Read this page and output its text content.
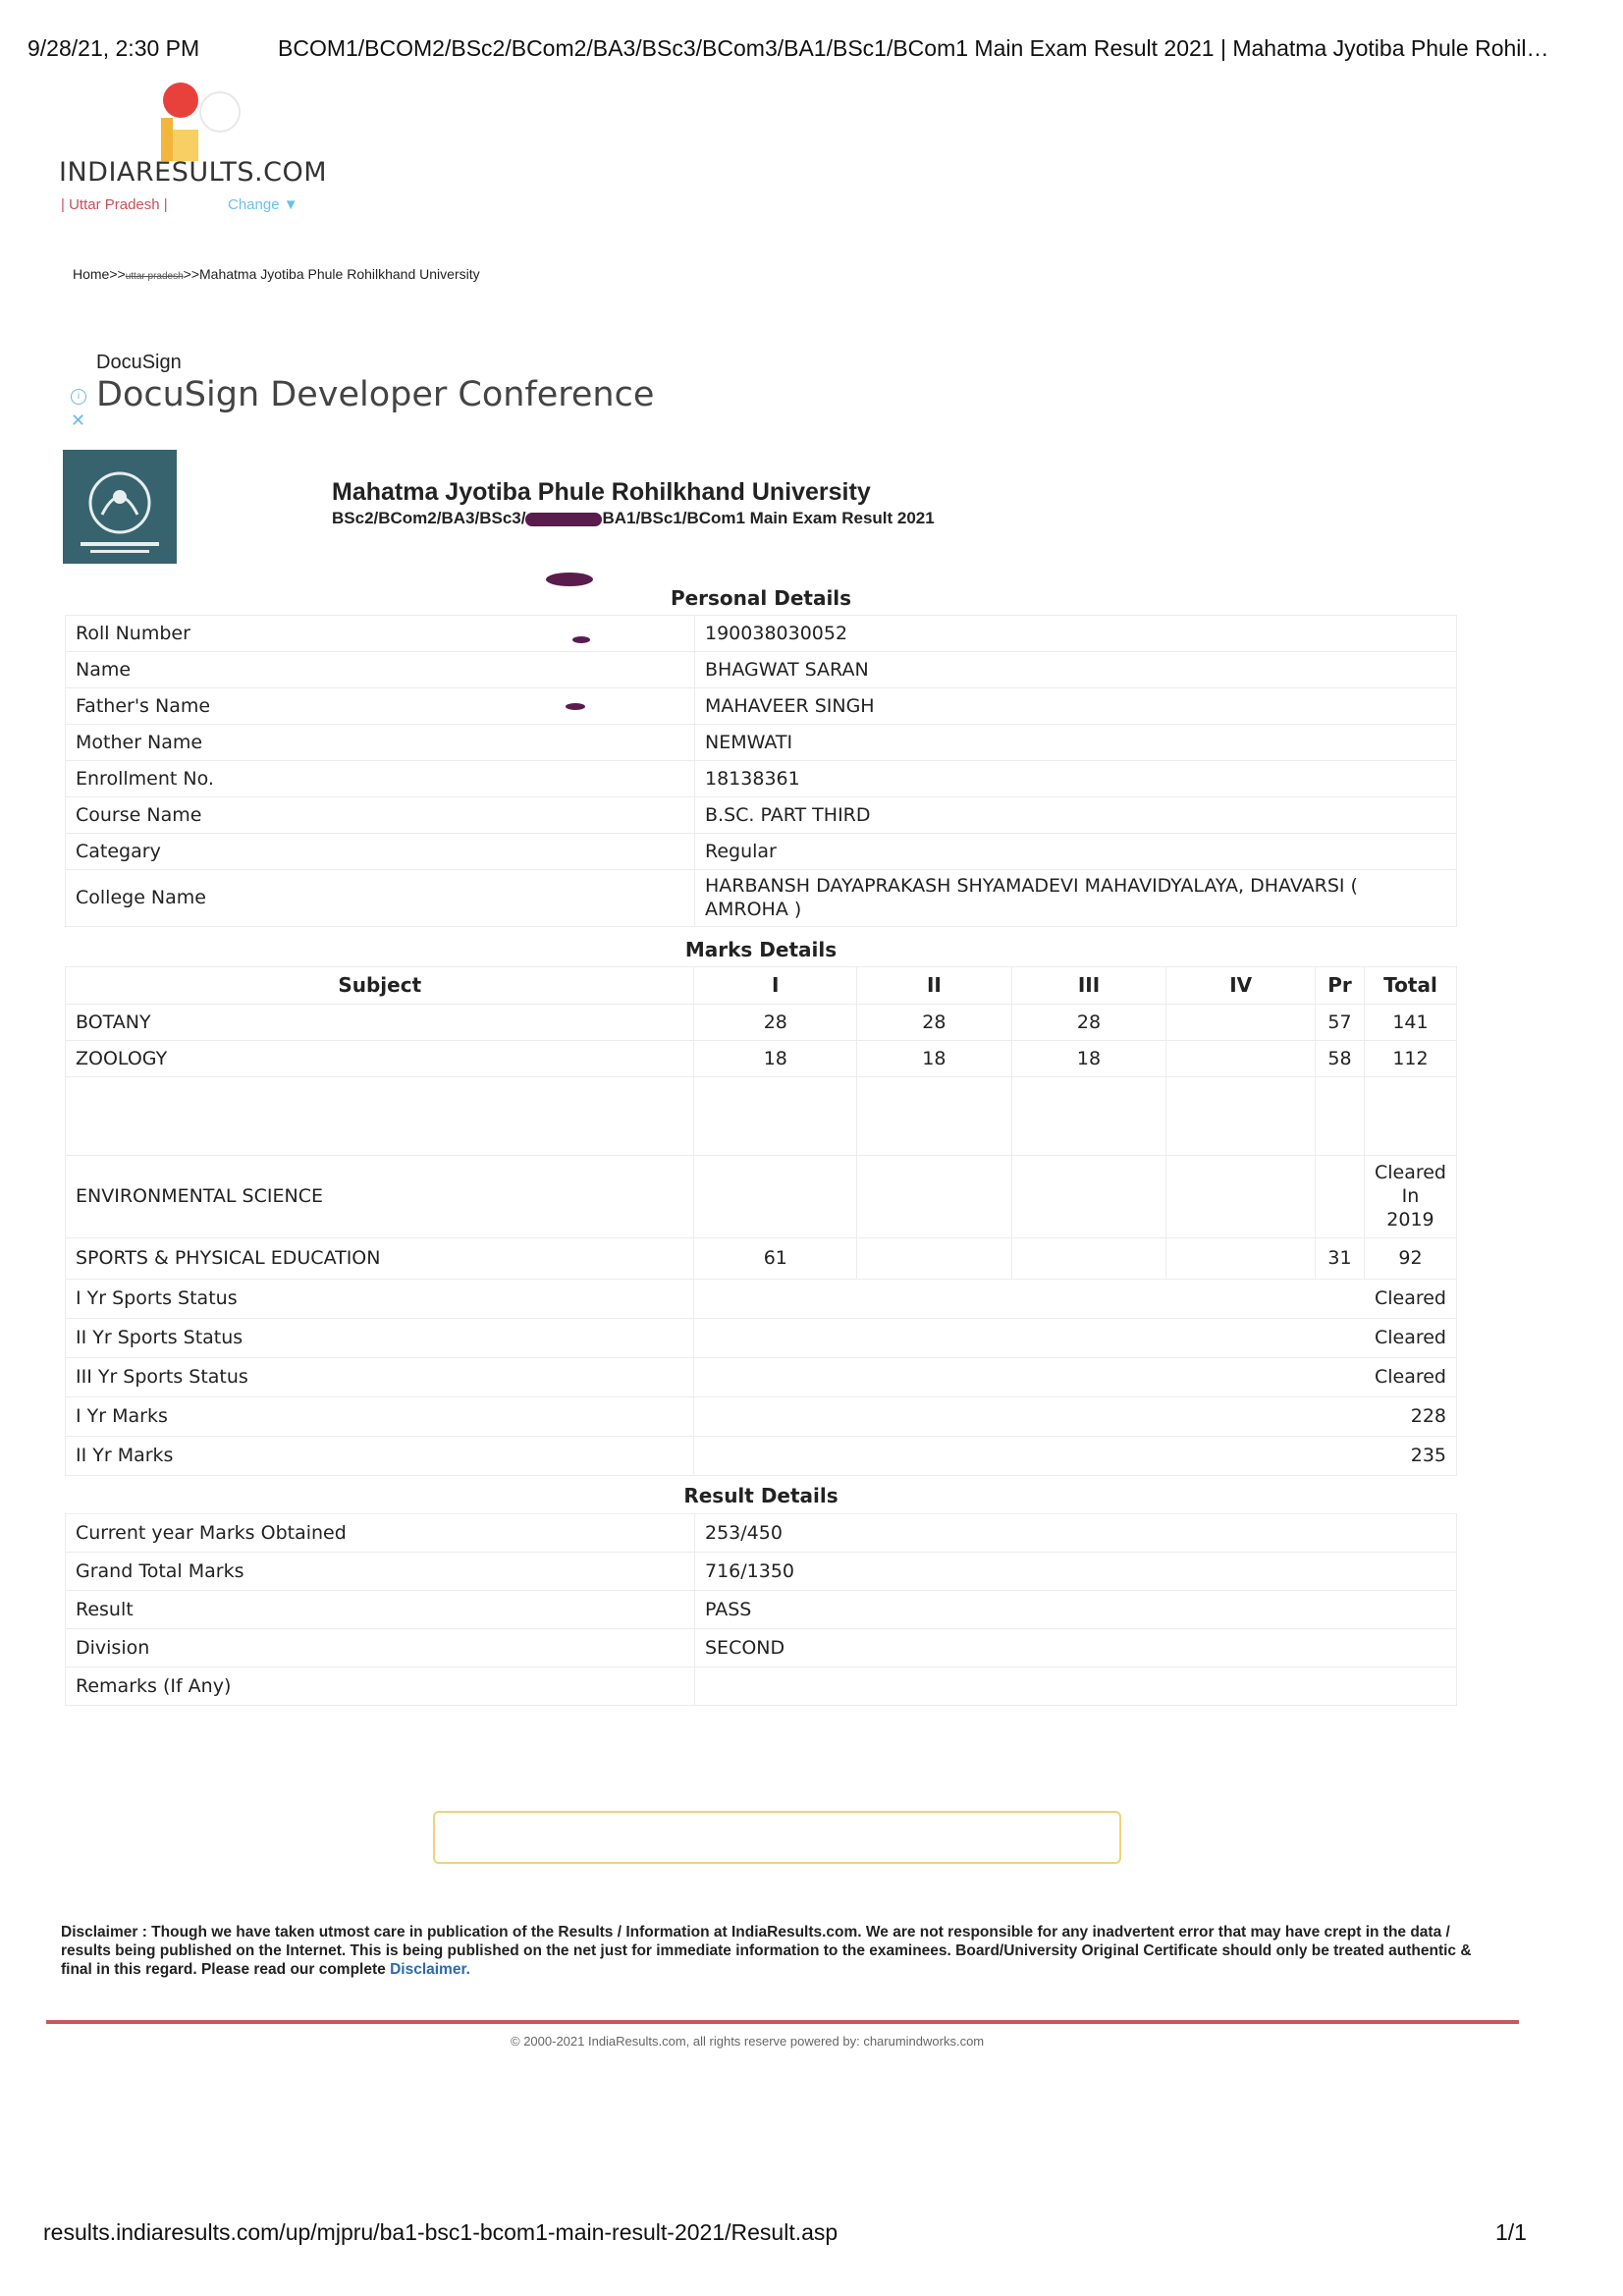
9/28/21, 2:30 PM	BCOM1/BCOM2/BSc2/BCom2/BA3/BSc3/BCom3/BA1/BSc1/BCom1 Main Exam Result 2021 | Mahatma Jyotiba Phule Rohil…
INDIARESULTS.COM
| Uttar Pradesh |	Change ▼
Home>>uttar pradesh>>Mahatma Jyotiba Phule Rohilkhand University
DocuSign
i DocuSign Developer Conference
✕
Mahatma Jyotiba Phule Rohilkhand University
BSc2/BCom2/BA3/BSc3/	BA1/BSc1/BCom1 Main Exam Result 2021
Personal Details	
Roll Number	190038030052
Name	BHAGWAT SARAN
Father's Name	MAHAVEER SINGH
Mother Name	NEMWATI
Enrollment No.	18138361
Course Name	B.SC. PART THIRD
Categary	Regular
College Name	HARBANSH DAYAPRAKASH SHYAMADEVI MAHAVIDYALAYA, DHAVARSI ( AMROHA )
Marks Details						
Subject	I	II	III	IV	Pr	Total
BOTANY	28	28	28		57	141
ZOOLOGY	18	18	18		58	112

ENVIRONMENTAL SCIENCE						Cleared
In
2019

SPORTS & PHYSICAL EDUCATION	61				31	92
I Yr Sports Status	Cleared					
II Yr Sports Status	Cleared					
III Yr Sports Status	Cleared					
I Yr Marks	228					
II Yr Marks	235					
Result Details	
Current year Marks Obtained	253/450
Grand Total Marks	716/1350
Result	PASS
Division	SECOND
Remarks (If Any)	
Disclaimer : Though we have taken utmost care in publication of the Results / Information at IndiaResults.com. We are not responsible for any inadvertent error that may have crept in the data / results being published on the Internet. This is being published on the net just for immediate information to the examinees. Board/University Original Certificate should only be treated authentic & final in this regard. Please read our complete Disclaimer.
© 2000-2021 IndiaResults.com, all rights reserve powered by: charumindworks.com
results.indiaresults.com/up/mjpru/ba1-bsc1-bcom1-main-result-2021/Result.asp	1/1
